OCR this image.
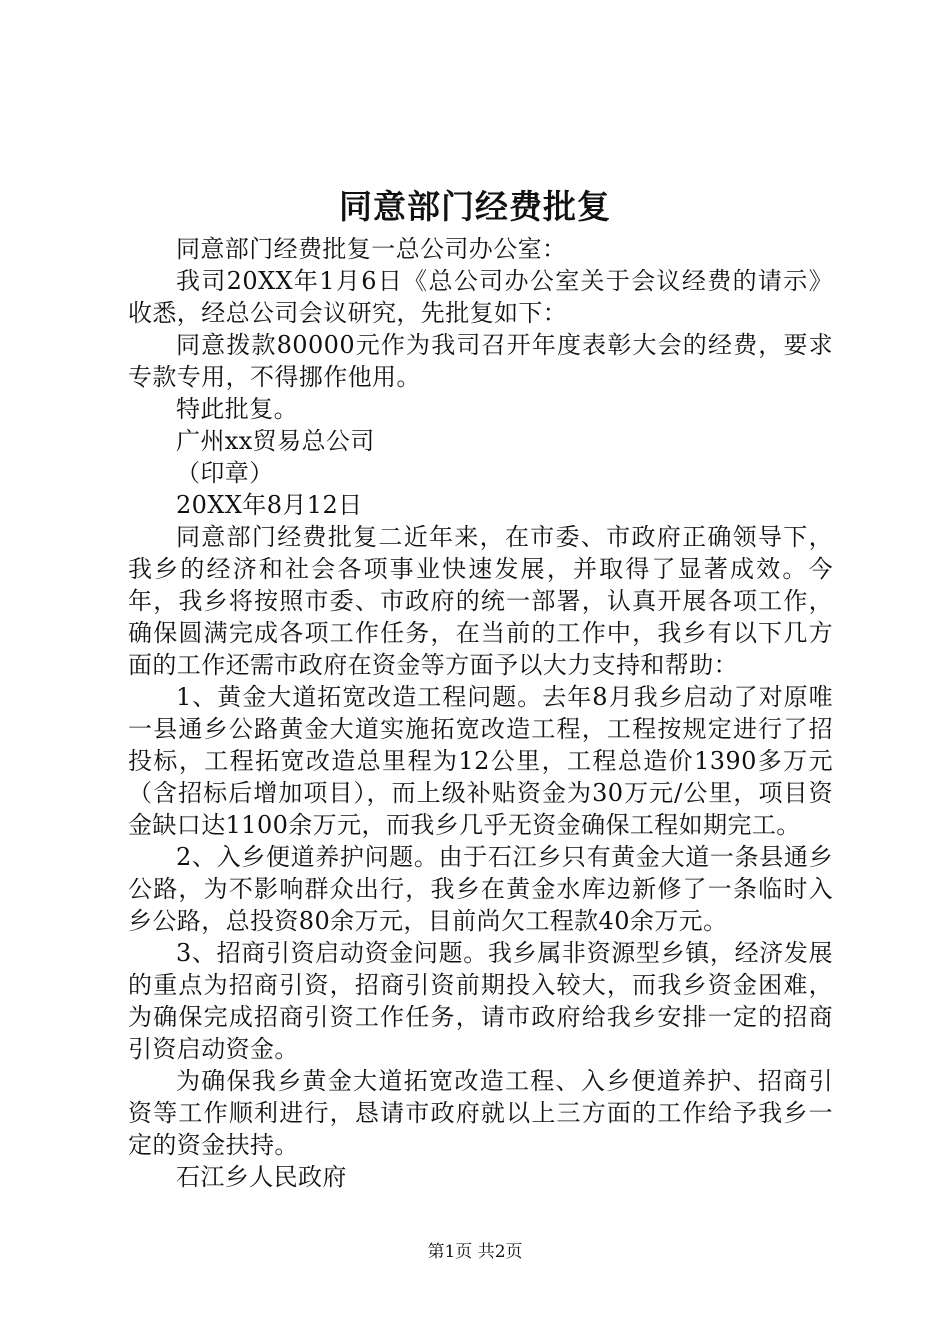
同意部门经费批复

同意部门经费批复一总公司办公室：

我司20XX年1月6日《总公司办公室关于会议经费的请示》收悉，经总公司会议研究，先批复如下：

同意拨款80000元作为我司召开年度表彰大会的经费，要求专款专用，不得挪作他用。

特此批复。

广州xx贸易总公司

（印章）

20XX年8月12日

同意部门经费批复二近年来，在市委、市政府正确领导下，我乡的经济和社会各项事业快速发展，并取得了显著成效。今年，我乡将按照市委、市政府的统一部署，认真开展各项工作，确保圆满完成各项工作任务，在当前的工作中，我乡有以下几方面的工作还需市政府在资金等方面予以大力支持和帮助：

1、黄金大道拓宽改造工程问题。去年8月我乡启动了对原唯一县通乡公路黄金大道实施拓宽改造工程，工程按规定进行了招投标，工程拓宽改造总里程为12公里，工程总造价1390多万元（含招标后增加项目），而上级补贴资金为30万元/公里，项目资金缺口达1100余万元，而我乡几乎无资金确保工程如期完工。

2、入乡便道养护问题。由于石江乡只有黄金大道一条县通乡公路，为不影响群众出行，我乡在黄金水库边新修了一条临时入乡公路，总投资80余万元，目前尚欠工程款40余万元。

3、招商引资启动资金问题。我乡属非资源型乡镇，经济发展的重点为招商引资，招商引资前期投入较大，而我乡资金困难，为确保完成招商引资工作任务，请市政府给我乡安排一定的招商引资启动资金。

为确保我乡黄金大道拓宽改造工程、入乡便道养护、招商引资等工作顺利进行，恳请市政府就以上三方面的工作给予我乡一定的资金扶持。

石江乡人民政府

第1页 共2页
